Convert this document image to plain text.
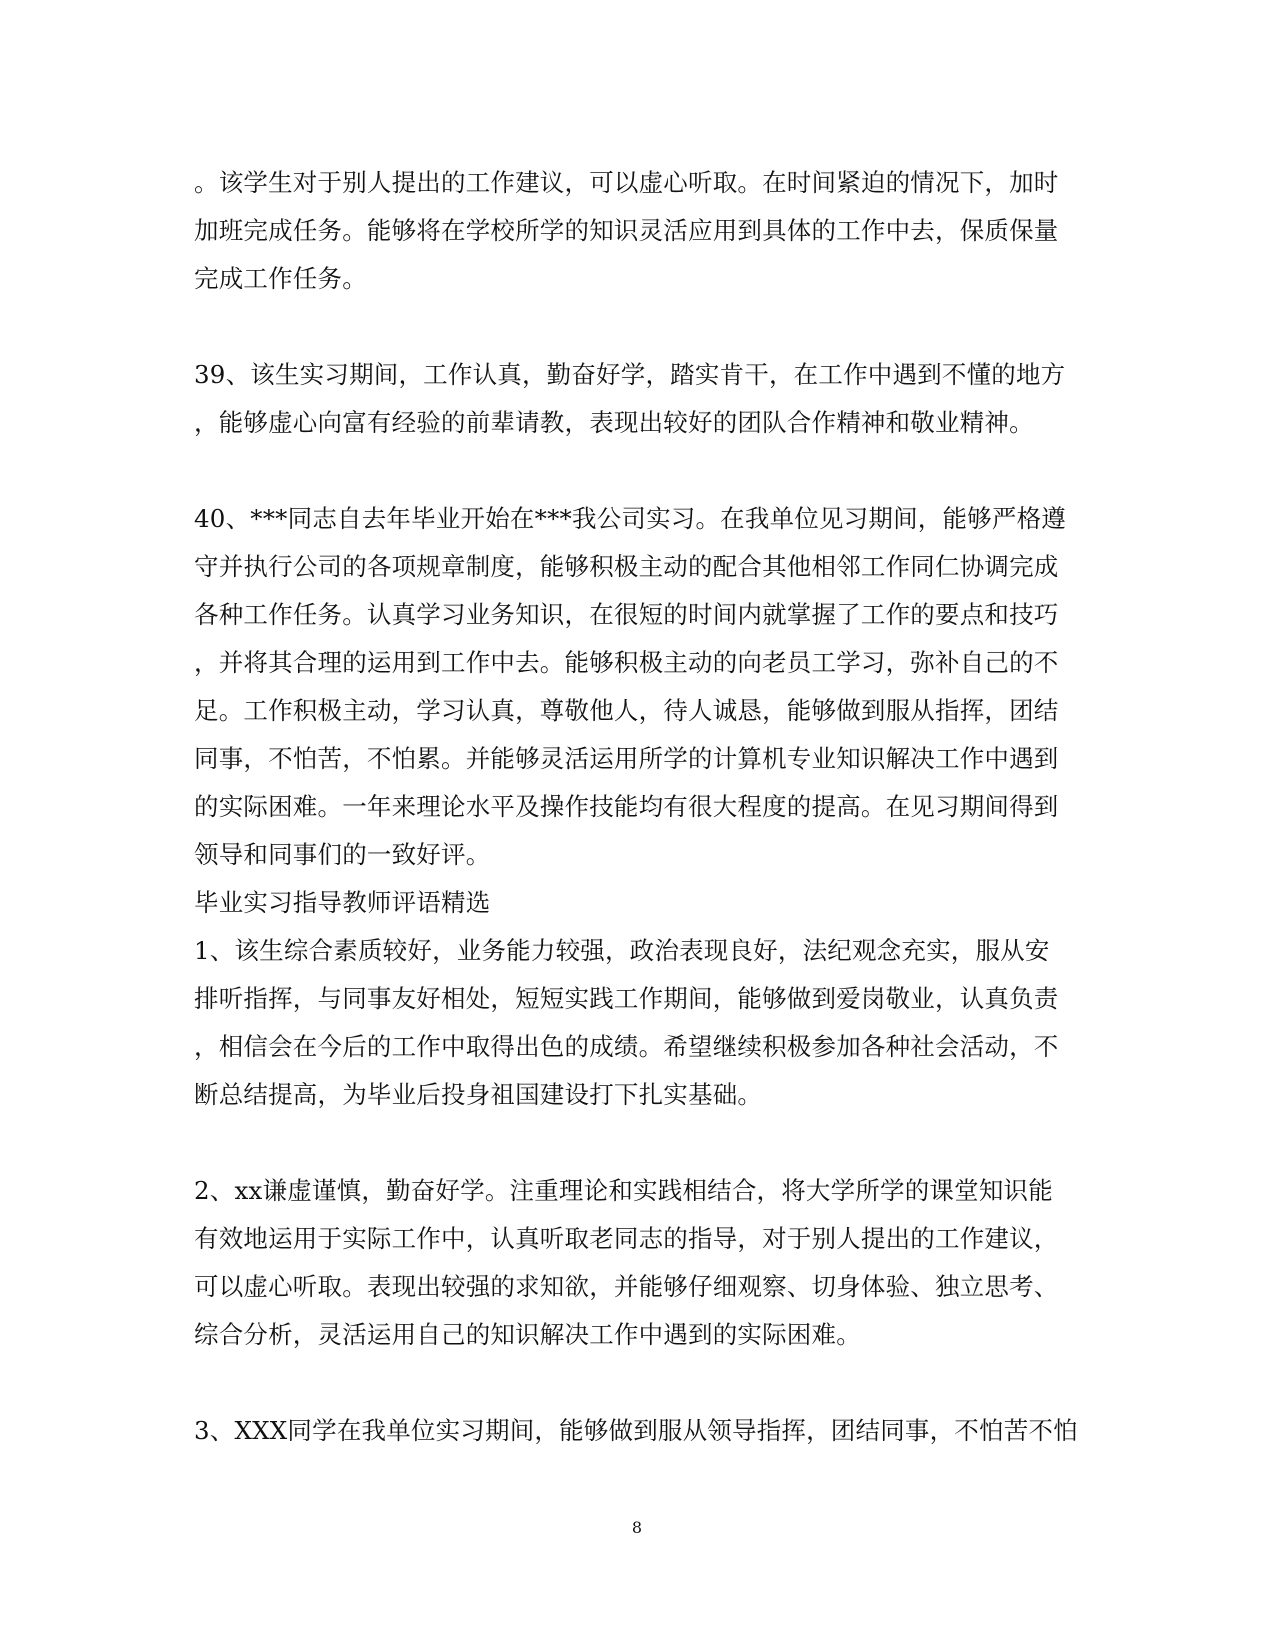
。该学生对于别人提出的工作建议，可以虚心听取。在时间紧迫的情况下，加时
加班完成任务。能够将在学校所学的知识灵活应用到具体的工作中去，保质保量
完成工作任务。
39、该生实习期间，工作认真，勤奋好学，踏实肯干，在工作中遇到不懂的地方
，能够虚心向富有经验的前辈请教，表现出较好的团队合作精神和敬业精神。
40、***同志自去年毕业开始在***我公司实习。在我单位见习期间，能够严格遵
守并执行公司的各项规章制度，能够积极主动的配合其他相邻工作同仁协调完成
各种工作任务。认真学习业务知识，在很短的时间内就掌握了工作的要点和技巧
，并将其合理的运用到工作中去。能够积极主动的向老员工学习，弥补自己的不
足。工作积极主动，学习认真，尊敬他人，待人诚恳，能够做到服从指挥，团结
同事，不怕苦，不怕累。并能够灵活运用所学的计算机专业知识解决工作中遇到
的实际困难。一年来理论水平及操作技能均有很大程度的提高。在见习期间得到
领导和同事们的一致好评。
毕业实习指导教师评语精选
1、该生综合素质较好，业务能力较强，政治表现良好，法纪观念充实，服从安
排听指挥，与同事友好相处，短短实践工作期间，能够做到爱岗敬业，认真负责
，相信会在今后的工作中取得出色的成绩。希望继续积极参加各种社会活动，不
断总结提高，为毕业后投身祖国建设打下扎实基础。
2、xx谦虚谨慎，勤奋好学。注重理论和实践相结合，将大学所学的课堂知识能
有效地运用于实际工作中，认真听取老同志的指导，对于别人提出的工作建议，
可以虚心听取。表现出较强的求知欲，并能够仔细观察、切身体验、独立思考、
综合分析，灵活运用自己的知识解决工作中遇到的实际困难。
3、XXX同学在我单位实习期间，能够做到服从领导指挥，团结同事，不怕苦不怕
8
